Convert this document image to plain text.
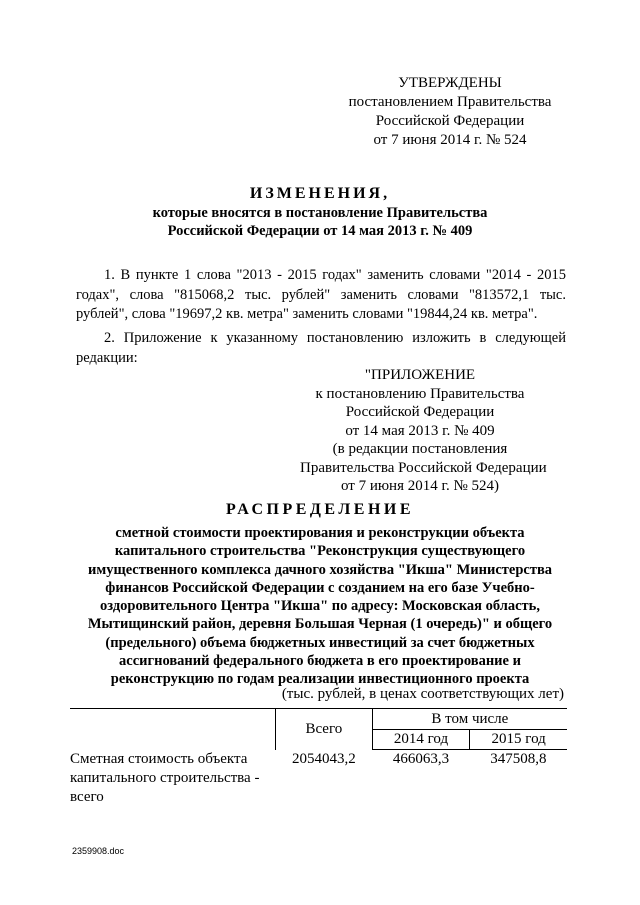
УТВЕРЖДЕНЫ
постановлением Правительства
Российской Федерации
от 7 июня 2014 г. № 524
ИЗМЕНЕНИЯ,
которые вносятся в постановление Правительства
Российской Федерации от 14 мая 2013 г. № 409
1. В пункте 1 слова "2013 - 2015 годах" заменить словами "2014 - 2015 годах", слова "815068,2 тыс. рублей" заменить словами "813572,1 тыс. рублей", слова "19697,2 кв. метра" заменить словами "19844,24 кв. метра".
2. Приложение к указанному постановлению изложить в следующей редакции:
"ПРИЛОЖЕНИЕ
к постановлению Правительства
Российской Федерации
от 14 мая 2013 г. № 409
(в редакции постановления
Правительства Российской Федерации
от 7 июня 2014 г. № 524)
РАСПРЕДЕЛЕНИЕ
сметной стоимости проектирования и реконструкции объекта
капитального строительства "Реконструкция существующего
имущественного комплекса дачного хозяйства "Икша" Министерства
финансов Российской Федерации с созданием на его базе Учебно-
оздоровительного Центра "Икша" по адресу: Московская область,
Мытищинский район, деревня Большая Черная (1 очередь)" и общего
(предельного) объема бюджетных инвестиций за счет бюджетных
ассигнований федерального бюджета в его проектирование и
реконструкцию по годам реализации инвестиционного проекта
(тыс. рублей, в ценах соответствующих лет)
	Всего	В том числе	
		2014 год	2015 год
Сметная стоимость объекта капитального строительства - всего	2054043,2	466063,3	347508,8
2359908.doc
